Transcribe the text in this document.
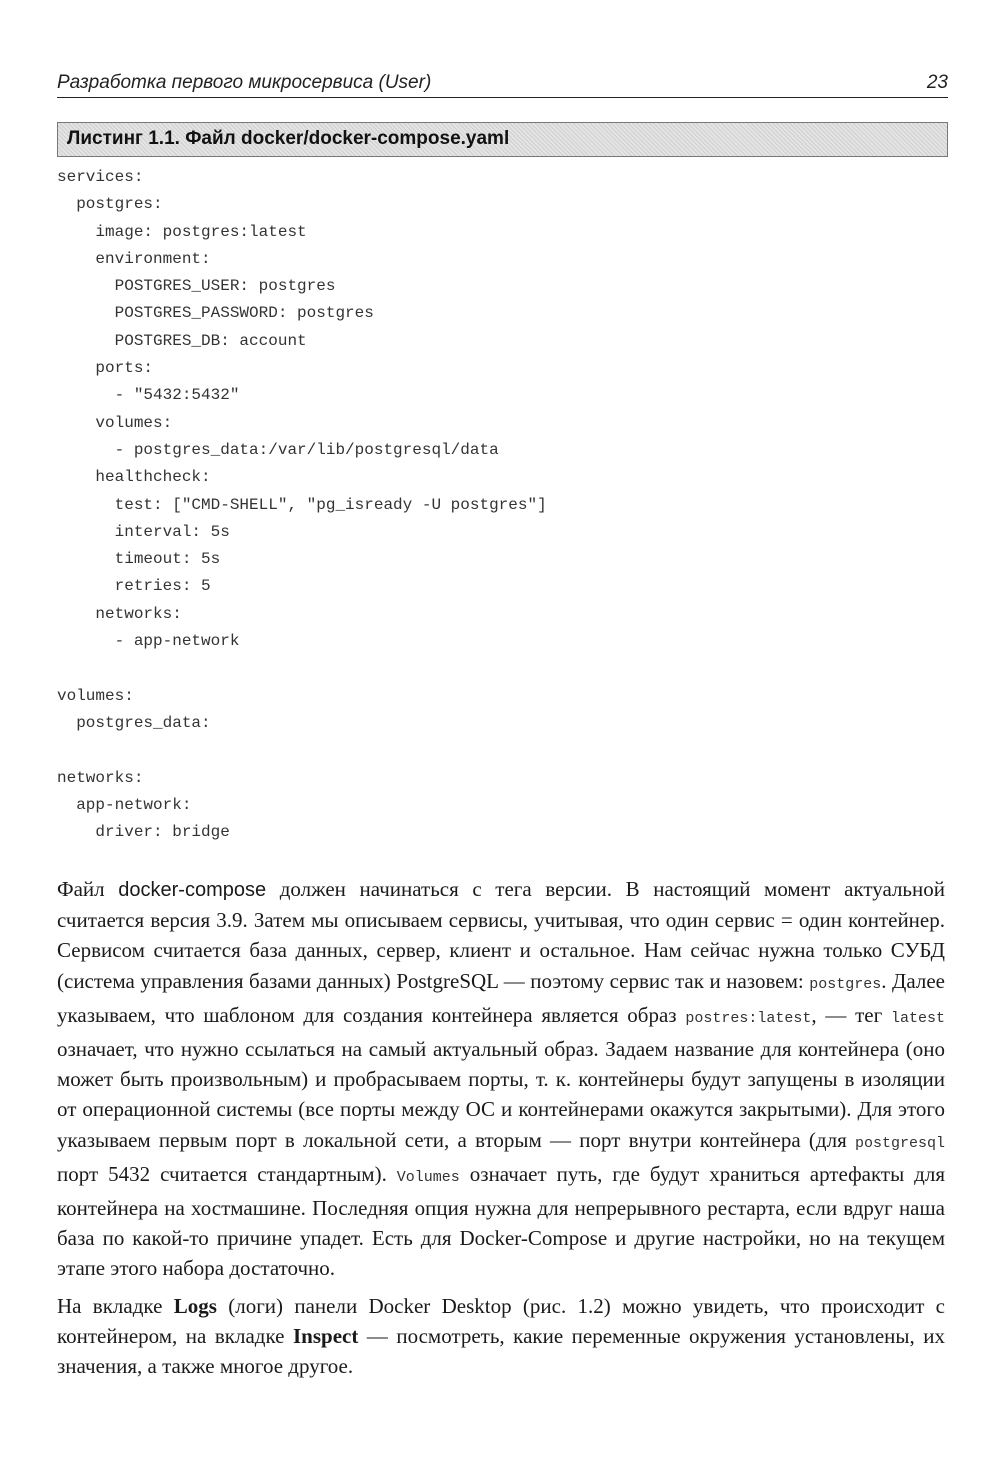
Разработка первого микросервиса (User)	23
Листинг 1.1. Файл docker/docker-compose.yaml
services:
postgres:
image: postgres:latest
environment:
POSTGRES_USER: postgres
POSTGRES_PASSWORD: postgres
POSTGRES_DB: account
ports:
- "5432:5432"
volumes:
- postgres_data:/var/lib/postgresql/data
healthcheck:
test: ["CMD-SHELL", "pg_isready -U postgres"]
interval: 5s
timeout: 5s
retries: 5
networks:
- app-network
volumes:
postgres_data:
networks:
app-network:
driver: bridge

Файл docker-compose должен начинаться с тега версии. В настоящий момент актуальной считается версия 3.9. Затем мы описываем сервисы, учитывая, что один сервис = один контейнер. Сервисом считается база данных, сервер, клиент и остальное. Нам сейчас нужна только СУБД (система управления базами данных) PostgreSQL — поэтому сервис так и назовем: postgres. Далее указываем, что шаблоном для создания контейнера является образ postres:latest, — тег latest означает, что нужно ссылаться на самый актуальный образ. Задаем название для контейнера (оно может быть произвольным) и пробрасываем порты, т. к. контейнеры будут запущены в изоляции от операционной системы (все порты между ОС и контейнерами окажутся закрытыми). Для этого указываем первым порт в локальной сети, а вторым — порт внутри контейнера (для postgresql порт 5432 считается стандартным). Volumes означает путь, где будут храниться артефакты для контейнера на хостмашине. Последняя опция нужна для непрерывного рестарта, если вдруг наша база по какой-то причине упадет. Есть для Docker-Compose и другие настройки, но на текущем этапе этого набора достаточно.

На вкладке Logs (логи) панели Docker Desktop (рис. 1.2) можно увидеть, что происходит с контейнером, на вкладке Inspect — посмотреть, какие переменные окружения установлены, их значения, а также многое другое.
